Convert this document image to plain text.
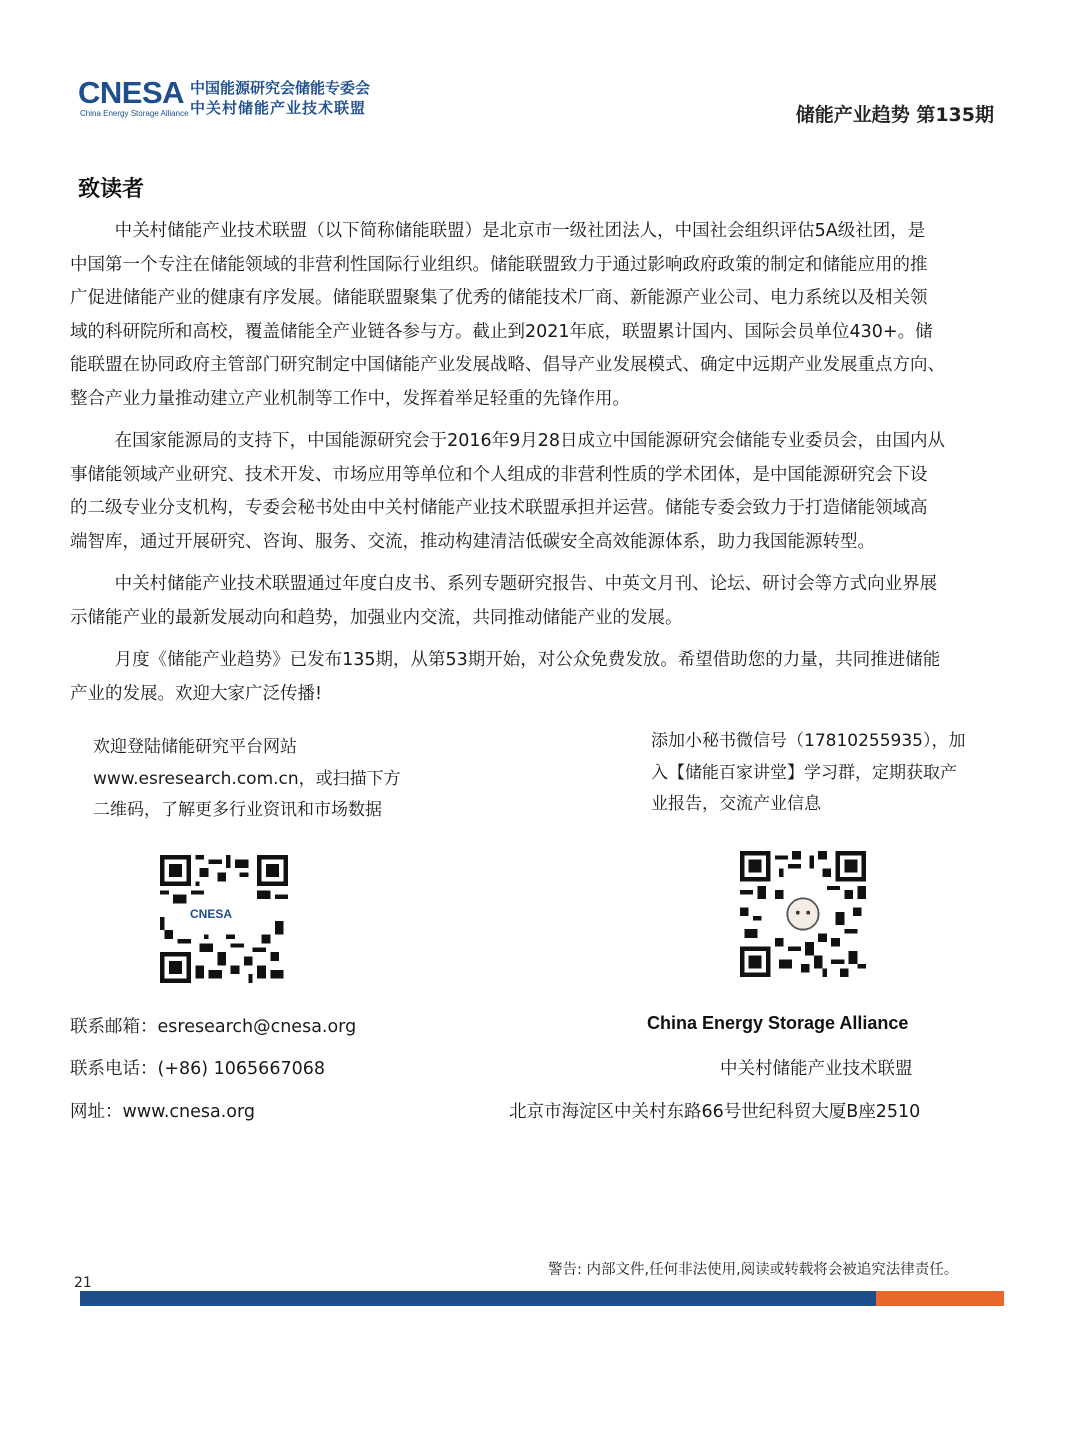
CNESA
China Energy Storage Alliance
中国能源研究会储能专委会
中关村储能产业技术联盟	储能产业趋势 第135期
致读者

中关村储能产业技术联盟（以下简称储能联盟）是北京市一级社团法人，中国社会组织评估5A级社团，是
中国第一个专注在储能领域的非营利性国际行业组织。储能联盟致力于通过影响政府政策的制定和储能应用的推
广促进储能产业的健康有序发展。储能联盟聚集了优秀的储能技术厂商、新能源产业公司、电力系统以及相关领
域的科研院所和高校，覆盖储能全产业链各参与方。截止到2021年底，联盟累计国内、国际会员单位430+。储
能联盟在协同政府主管部门研究制定中国储能产业发展战略、倡导产业发展模式、确定中远期产业发展重点方向、
整合产业力量推动建立产业机制等工作中，发挥着举足轻重的先锋作用。

在国家能源局的支持下，中国能源研究会于2016年9月28日成立中国能源研究会储能专业委员会，由国内从
事储能领域产业研究、技术开发、市场应用等单位和个人组成的非营利性质的学术团体，是中国能源研究会下设
的二级专业分支机构，专委会秘书处由中关村储能产业技术联盟承担并运营。储能专委会致力于打造储能领域高
端智库，通过开展研究、咨询、服务、交流，推动构建清洁低碳安全高效能源体系，助力我国能源转型。

中关村储能产业技术联盟通过年度白皮书、系列专题研究报告、中英文月刊、论坛、研讨会等方式向业界展
示储能产业的最新发展动向和趋势，加强业内交流，共同推动储能产业的发展。

月度《储能产业趋势》已发布135期，从第53期开始，对公众免费发放。希望借助您的力量，共同推进储能
产业的发展。欢迎大家广泛传播!

欢迎登陆储能研究平台网站
www.esresearch.com.cn，或扫描下方
二维码，了解更多行业资讯和市场数据
添加小秘书微信号（17810255935），加
入【储能百家讲堂】学习群，定期获取产
业报告，交流产业信息
CNESA
联系邮箱：esresearch@cnesa.org
联系电话：(+86) 1065667068
网址：www.cnesa.org
China Energy Storage Alliance
中关村储能产业技术联盟
北京市海淀区中关村东路66号世纪科贸大厦B座2510
警告: 内部文件,任何非法使用,阅读或转载将会被追究法律责任。
21
